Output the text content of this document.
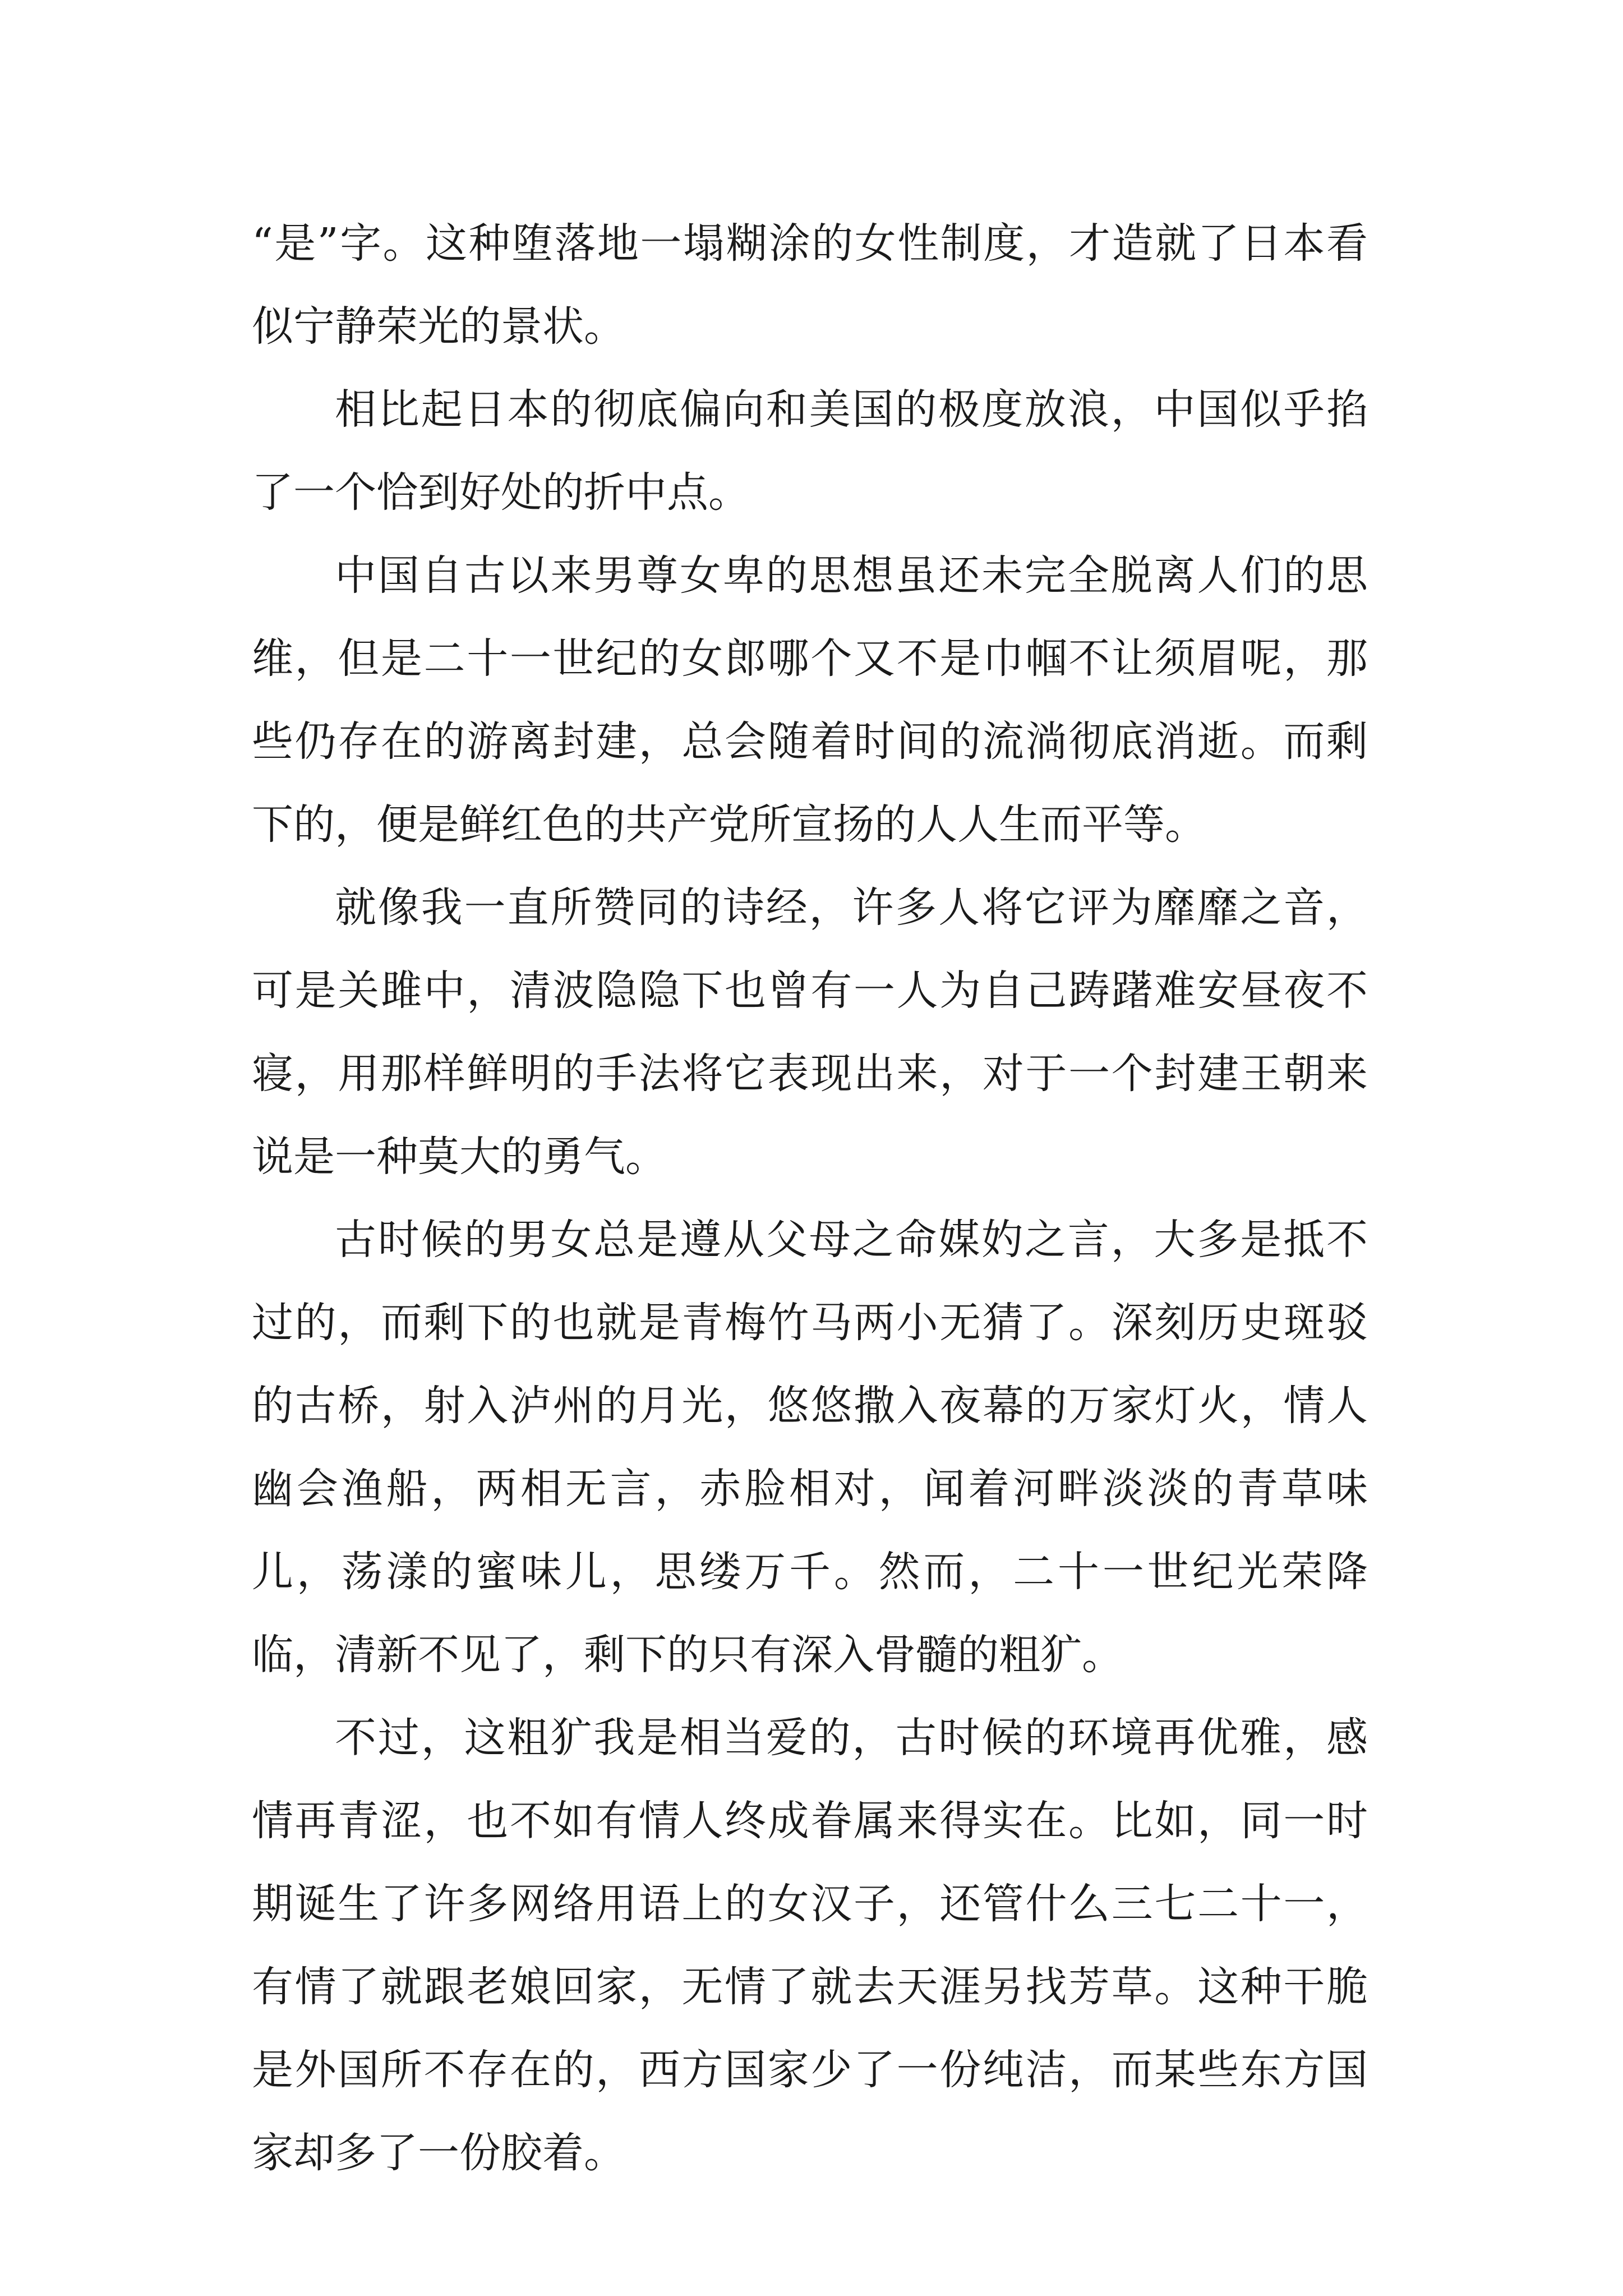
“是”字。这种堕落地一塌糊涂的女性制度，才造就了日本看似宁静荣光的景状。

相比起日本的彻底偏向和美国的极度放浪，中国似乎掐了一个恰到好处的折中点。

中国自古以来男尊女卑的思想虽还未完全脱离人们的思维，但是二十一世纪的女郎哪个又不是巾帼不让须眉呢，那些仍存在的游离封建，总会随着时间的流淌彻底消逝。而剩下的，便是鲜红色的共产党所宣扬的人人生而平等。

就像我一直所赞同的诗经，许多人将它评为靡靡之音，可是关雎中，清波隐隐下也曾有一人为自己踌躇难安昼夜不寝，用那样鲜明的手法将它表现出来，对于一个封建王朝来说是一种莫大的勇气。

古时候的男女总是遵从父母之命媒妁之言，大多是抵不过的，而剩下的也就是青梅竹马两小无猜了。深刻历史斑驳的古桥，射入泸州的月光，悠悠撒入夜幕的万家灯火，情人幽会渔船，两相无言，赤脸相对，闻着河畔淡淡的青草味儿，荡漾的蜜味儿，思缕万千。然而，二十一世纪光荣降临，清新不见了，剩下的只有深入骨髓的粗犷。

不过，这粗犷我是相当爱的，古时候的环境再优雅，感情再青涩，也不如有情人终成眷属来得实在。比如，同一时期诞生了许多网络用语上的女汉子，还管什么三七二十一，有情了就跟老娘回家，无情了就去天涯另找芳草。这种干脆是外国所不存在的，西方国家少了一份纯洁，而某些东方国家却多了一份胶着。
